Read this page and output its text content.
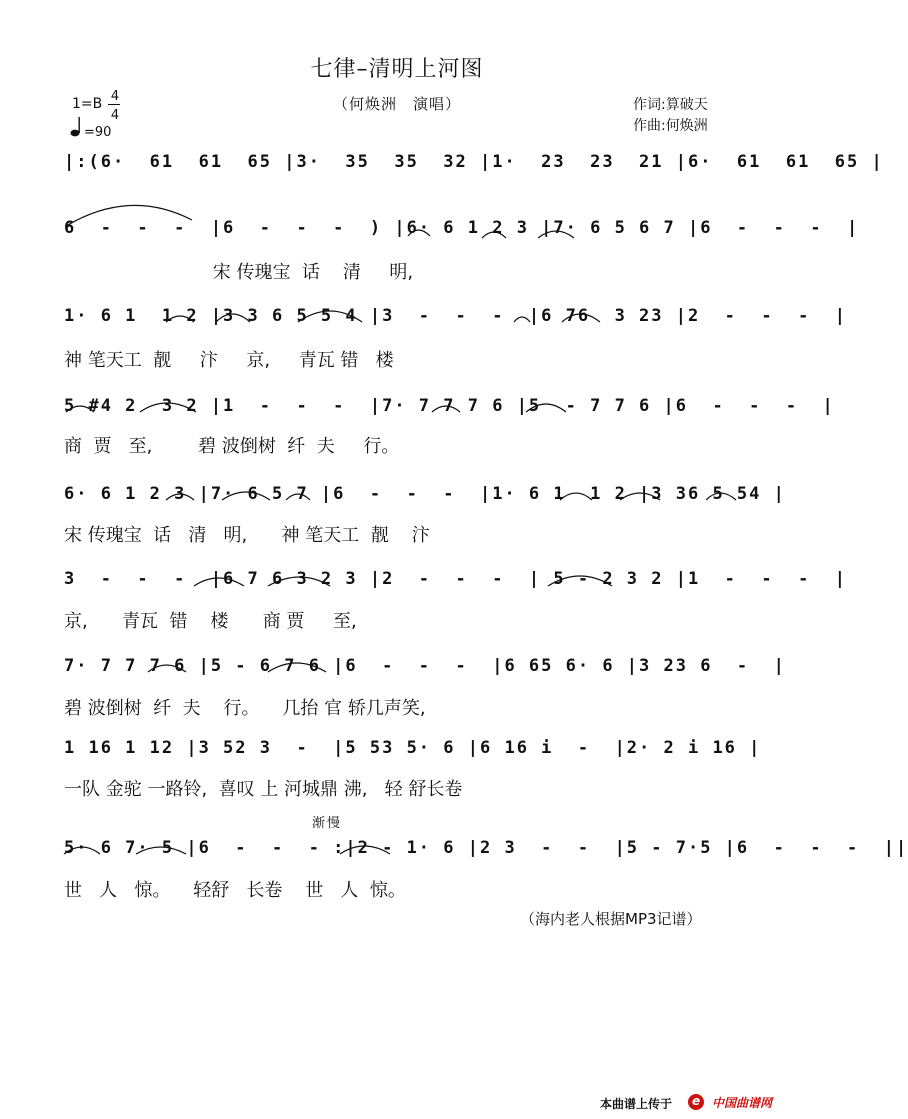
七律–清明上河图
（何焕洲　演唱）
1=B 4
4
=90
作词:算破天
作曲:何焕洲
|:(6·  61  61  65 |3·  35  35  32 |1·  23  23  21 |6·  61  61  65 |
6  -  -  -  |6  -  -  -  ) |6· 6 1 2 3 |7· 6 5 6 7 |6  -  -  -  |
宋 传瑰宝  话    清     明,
1· 6 1  1 2 |3 3 6 5 5 4 |3  -  -  -  |6 76  3 23 |2  -  -  -  |
神 笔天工  靓     汴     京,     青瓦 错   楼
5 #4 2  3 2 |1  -  -  -  |7· 7 7 7 6 |5  - 7 7 6 |6  -  -  -  |
商  贾   至,        碧 波倒树  纤  夫     行。
6· 6 1 2 3 |7· 6 5 7 |6  -  -  -  |1· 6 1  1 2 |3 36 5 54 |
宋 传瑰宝  话   清   明,      神 笔天工  靓    汴
3  -  -  -  |6 7 6 3 2 3 |2  -  -  -  | 5 - 2 3 2 |1  -  -  -  |
京,      青瓦  错    楼      商 贾     至,
7· 7 7 7 6 |5 - 6 7 6 |6  -  -  -  |6 65 6· 6 |3 23 6  -  |
碧 波倒树  纤  夫    行。    几抬 官 轿几声笑,
1 16 1 12 |3 52 3  -  |5 53 5· 6 |6 16 i  -  |2· 2 i 16 |
一队 金驼 一路铃,  喜叹 上 河城鼎 沸,   轻 舒长卷
渐慢
5· 6 7· 5 |6  -  -  - :|2 - 1· 6 |2 3  -  -  |5 - 7·5 |6  -  -  -  ||
世   人   惊。    轻舒   长卷    世   人  惊。
（海内老人根据MP3记谱）
本曲谱上传于 e 中国曲谱网
